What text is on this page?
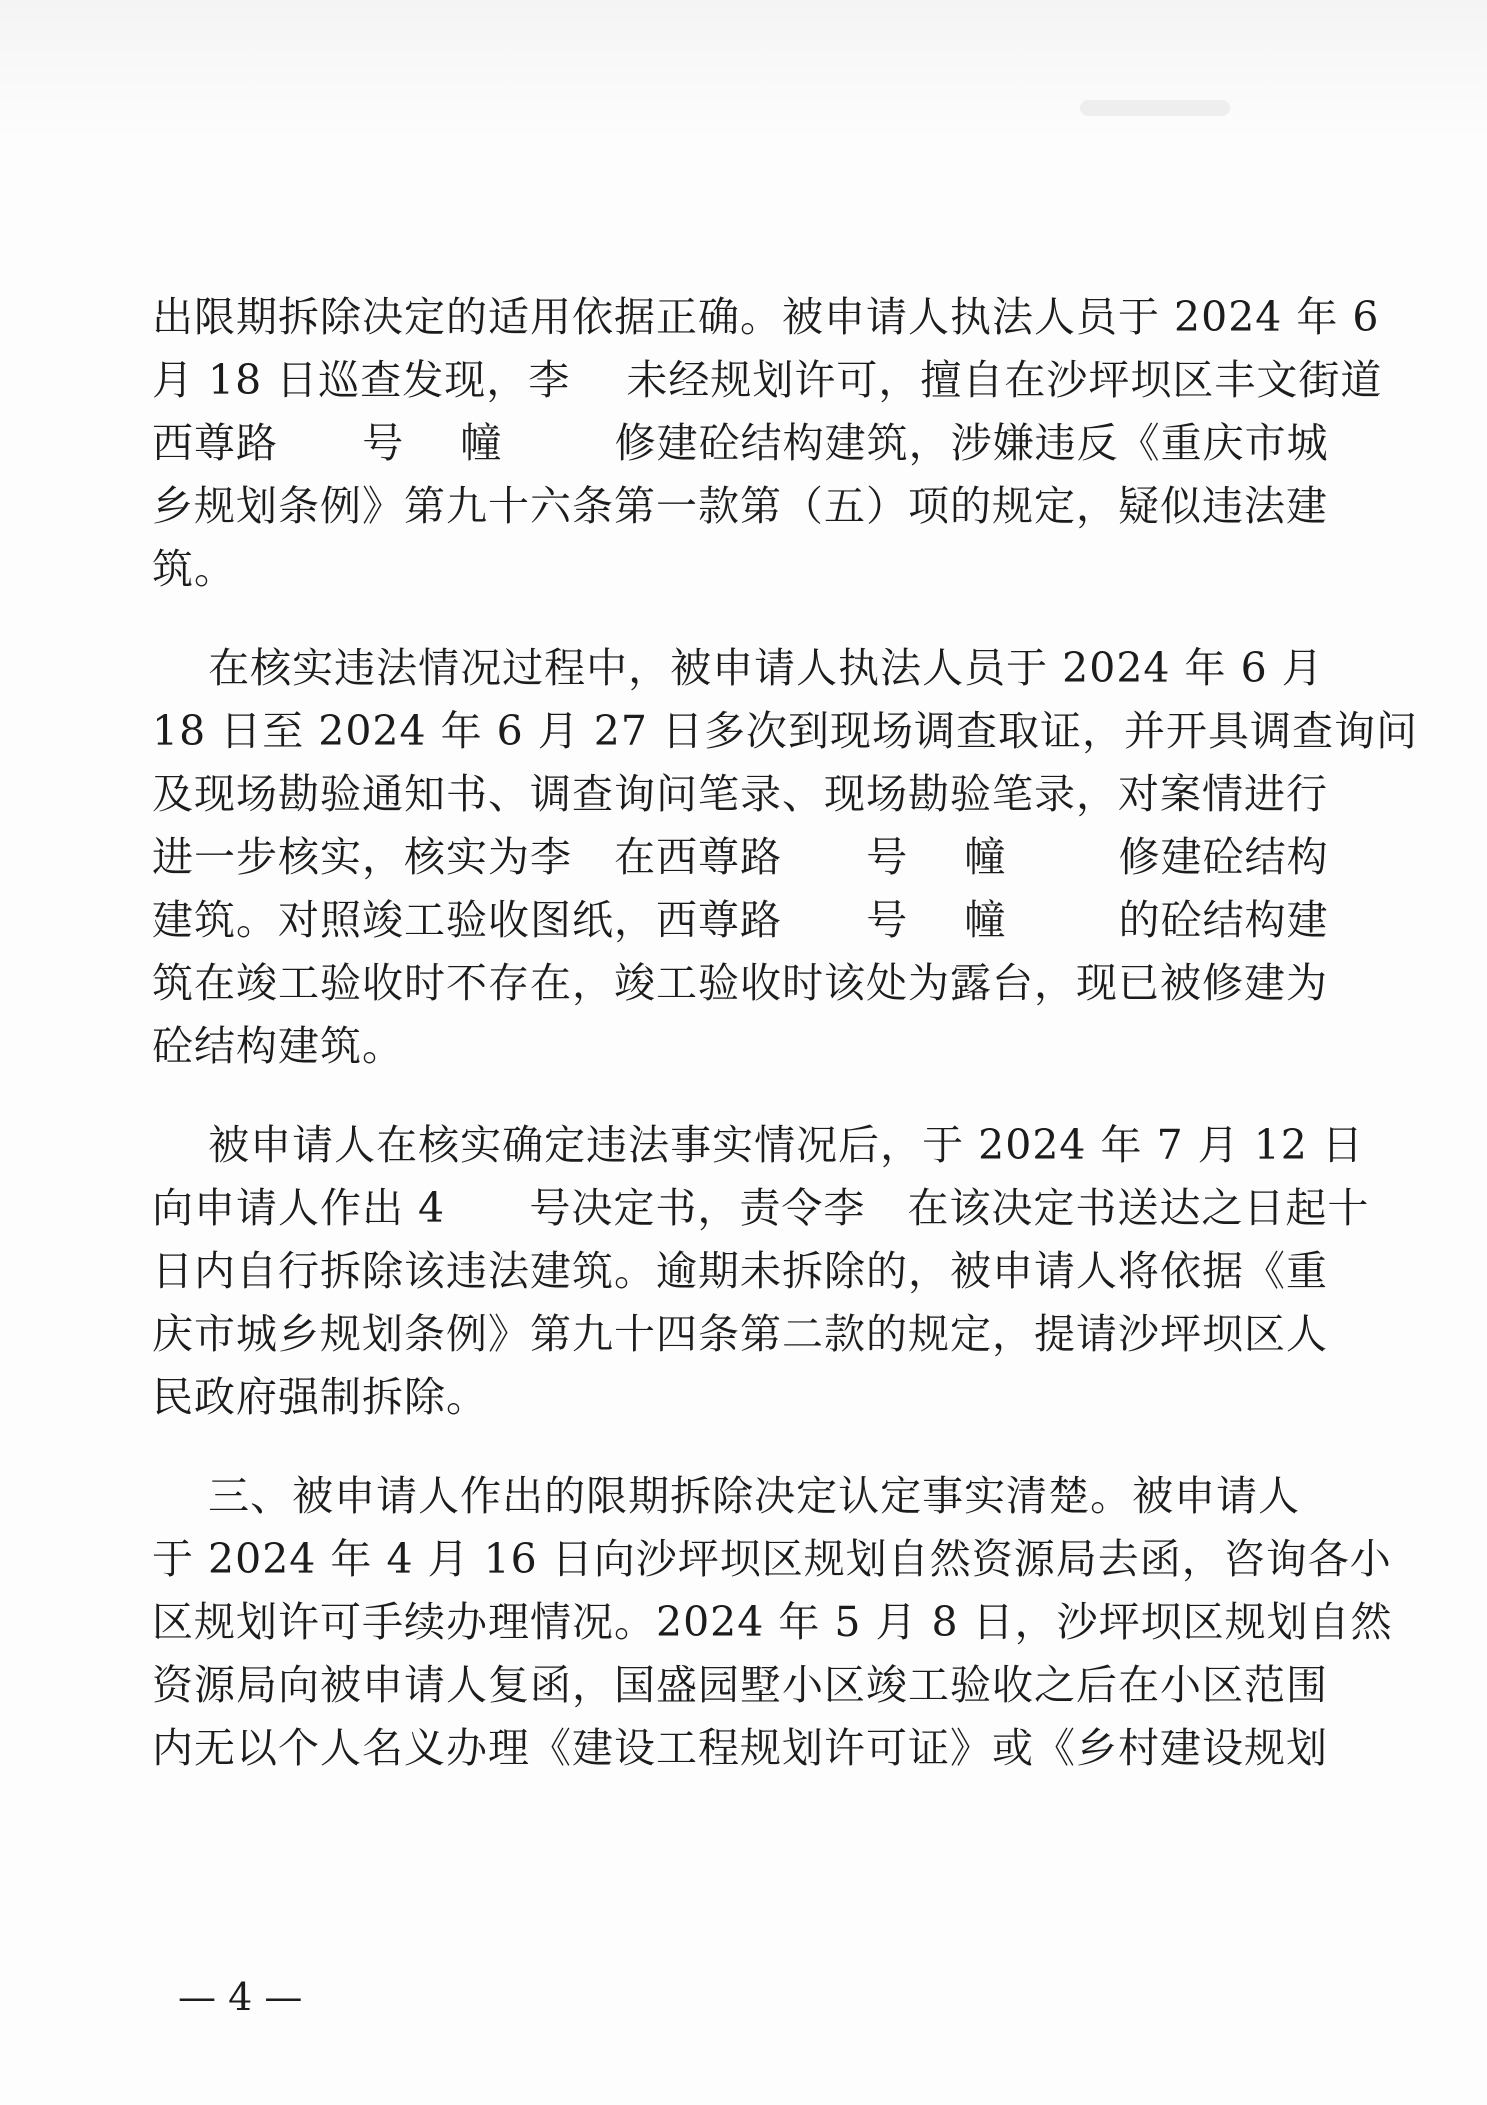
出限期拆除决定的适用依据正确。被申请人执法人员于 2024 年 6
月 18 日巡查发现，李    未经规划许可，擅自在沙坪坝区丰文街道
西尊路      号    幢        修建砼结构建筑，涉嫌违反《重庆市城
乡规划条例》第九十六条第一款第（五）项的规定，疑似违法建
筑。
在核实违法情况过程中，被申请人执法人员于 2024 年 6 月
18 日至 2024 年 6 月 27 日多次到现场调查取证，并开具调查询问
及现场勘验通知书、调查询问笔录、现场勘验笔录，对案情进行
进一步核实，核实为李   在西尊路      号    幢        修建砼结构
建筑。对照竣工验收图纸，西尊路      号    幢        的砼结构建
筑在竣工验收时不存在，竣工验收时该处为露台，现已被修建为
砼结构建筑。
被申请人在核实确定违法事实情况后，于 2024 年 7 月 12 日
向申请人作出 4      号决定书，责令李   在该决定书送达之日起十
日内自行拆除该违法建筑。逾期未拆除的，被申请人将依据《重
庆市城乡规划条例》第九十四条第二款的规定，提请沙坪坝区人
民政府强制拆除。
三、被申请人作出的限期拆除决定认定事实清楚。被申请人
于 2024 年 4 月 16 日向沙坪坝区规划自然资源局去函，咨询各小
区规划许可手续办理情况。2024 年 5 月 8 日，沙坪坝区规划自然
资源局向被申请人复函，国盛园墅小区竣工验收之后在小区范围
内无以个人名义办理《建设工程规划许可证》或《乡村建设规划
— 4 —
